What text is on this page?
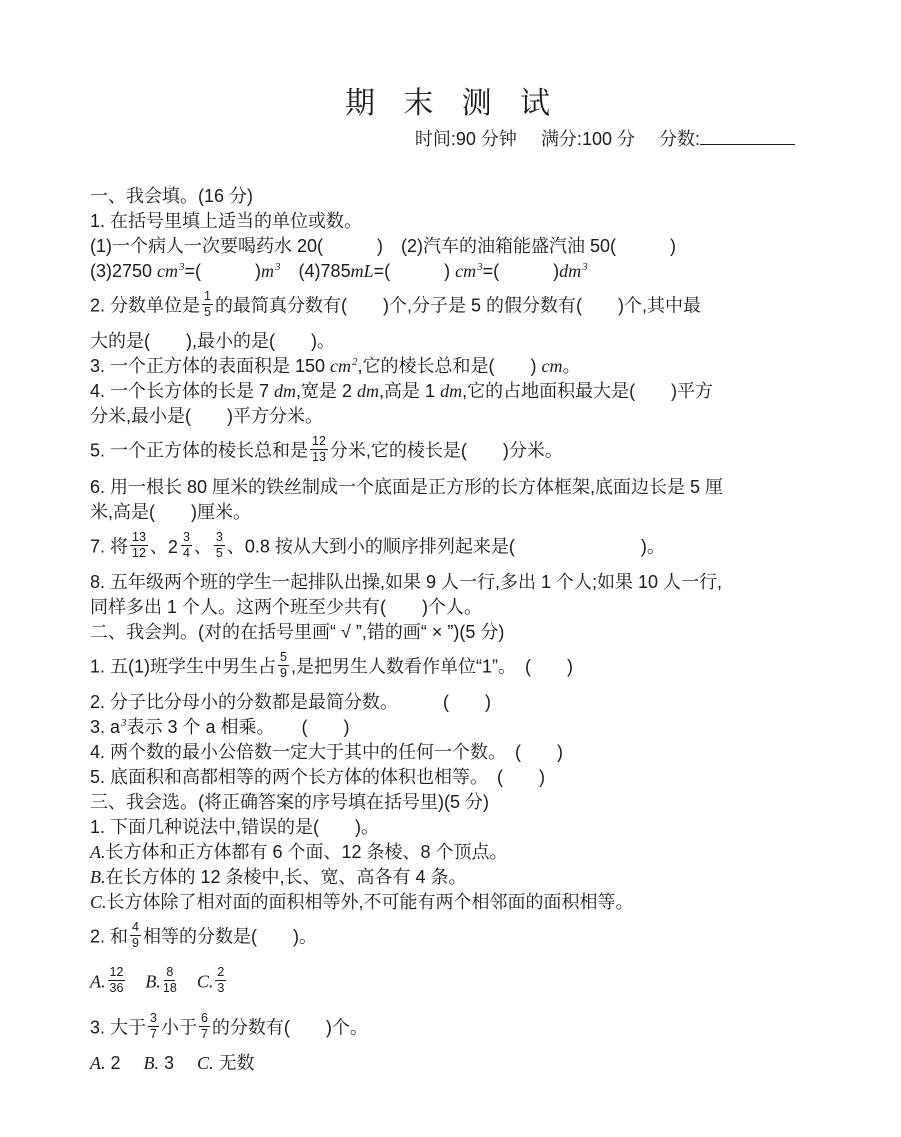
期 末 测 试
时间:90 分钟 满分:100 分 分数:

一、我会填。(16 分)
1. 在括号里填上适当的单位或数。
(1)一个病人一次要喝药水 20(　　　)　(2)汽车的油箱能盛汽油 50(　　　)
(3)2750 $cm^3=$(　　　)$m^3$　(4)785mL=(　　　) $cm^3=$(　　　)$dm^3$
2. 分数单位是 $\frac{1}{5}$ 的最简真分数有(　　)个,分子是 5 的假分数有(　　)个,其中最
大的是(　　),最小的是(　　)。
3. 一个正方体的表面积是 150 $cm^2$,它的棱长总和是(　　) cm。
4. 一个长方体的长是 7 dm,宽是 2 dm,高是 1 dm,它的占地面积最大是(　　)平方
分米,最小是(　　)平方分米。
5. 一个正方体的棱长总和是 $\frac{12}{13}$ 分米,它的棱长是(　　)分米。
6. 用一根长 80 厘米的铁丝制成一个底面是正方形的长方体框架,底面边长是 5 厘
米,高是(　　)厘米。
7. 将 $\frac{13}{12}$ 、 $2 \frac{3}{4}$ 、 $\frac{3}{5}$ 、0.8 按从大到小的顺序排列起来是(　　　　　　　)。
8. 五年级两个班的学生一起排队出操,如果 9 人一行,多出 1 个人;如果 10 人一行,
同样多出 1 个人。这两个班至少共有(　　)个人。
二、我会判。(对的在括号里画“ √ ”,错的画“ × ”)(5 分)
1. 五(1)班学生中男生占 $\frac{5}{9}$ ,是把男生人数看作单位“1”。　(　　)
2. 分子比分母小的分数都是最简分数。　　　(　　)
3. $a^3$表示 3 个 a 相乘。　　(　　)
4. 两个数的最小公倍数一定大于其中的任何一个数。　(　　)
5. 底面积和高都相等的两个长方体的体积也相等。　(　　)
三、我会选。(将正确答案的序号填在括号里)(5 分)
1. 下面几种说法中,错误的是(　　)。
A.长方体和正方体都有 6 个面、12 条棱、8 个顶点。
B.在长方体的 12 条棱中,长、宽、高各有 4 条。
C.长方体除了相对面的面积相等外,不可能有两个相邻面的面积相等。
2. 和 $\frac{4}{9}$ 相等的分数是(　　)。
A. $\frac{12}{36}$
　 B. $\frac{8}{18}$
　 C. $\frac{2}{3}$
3. 大于 $\frac{3}{7}$ 小于 $\frac{6}{7}$ 的分数有(　　)个。
A. 2　 B. 3　 C. 无数
